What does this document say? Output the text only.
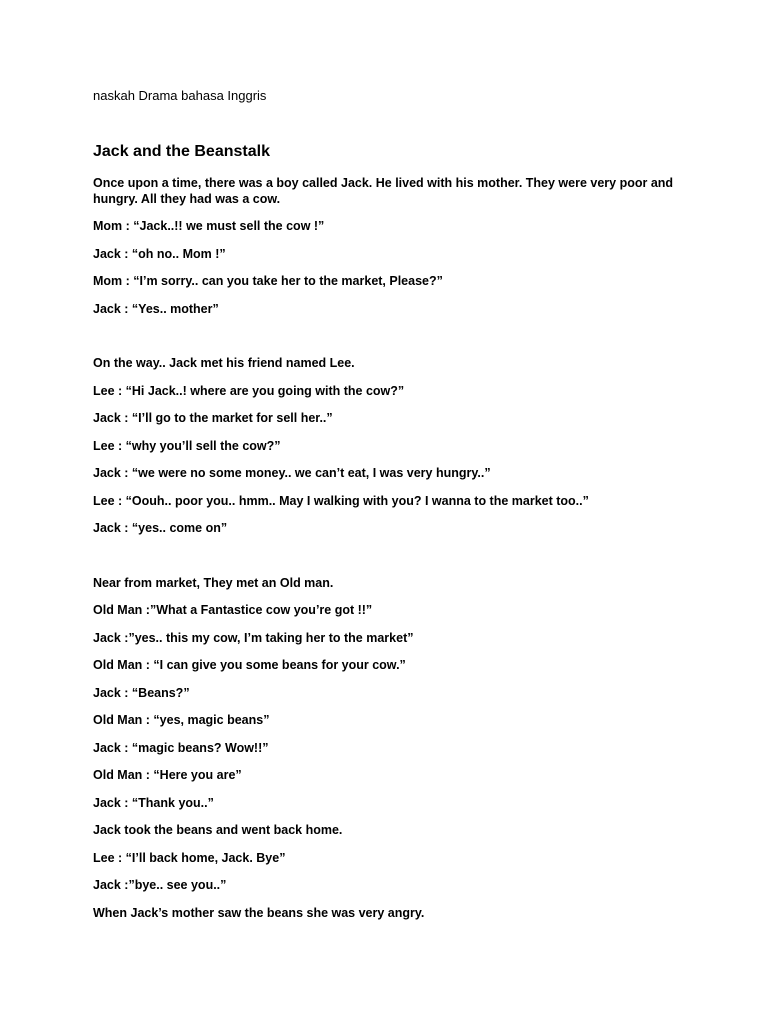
naskah Drama bahasa Inggris
Jack and the Beanstalk
Once upon a time, there was a boy called Jack. He lived with his mother. They were very poor and hungry. All they had was a cow.
Mom : “Jack..!! we must sell the cow !”
Jack : “oh no.. Mom !”
Mom : “I’m sorry.. can you take her to the market, Please?”
Jack : “Yes.. mother”
On the way.. Jack met his friend named Lee.
Lee : “Hi Jack..! where are you going with the cow?”
Jack : “I’ll go to the market for sell her..”
Lee : “why you’ll sell the cow?”
Jack : “we were no some money.. we can’t eat, I was very hungry..”
Lee : “Oouh.. poor you.. hmm.. May I walking with you? I wanna to the market too..”
Jack : “yes.. come on”
Near from market, They met an Old man.
Old Man :”What a Fantastice cow you’re got !!”
Jack :”yes.. this my cow, I’m taking her to the market”
Old Man : “I can give you some beans for your cow.”
Jack : “Beans?”
Old Man : “yes, magic beans”
Jack : “magic beans? Wow!!”
Old Man : “Here you are”
Jack : “Thank you..”
Jack took the beans and went back home.
Lee : “I’ll back home, Jack. Bye”
Jack :”bye.. see you..”
When Jack’s mother saw the beans she was very angry.
